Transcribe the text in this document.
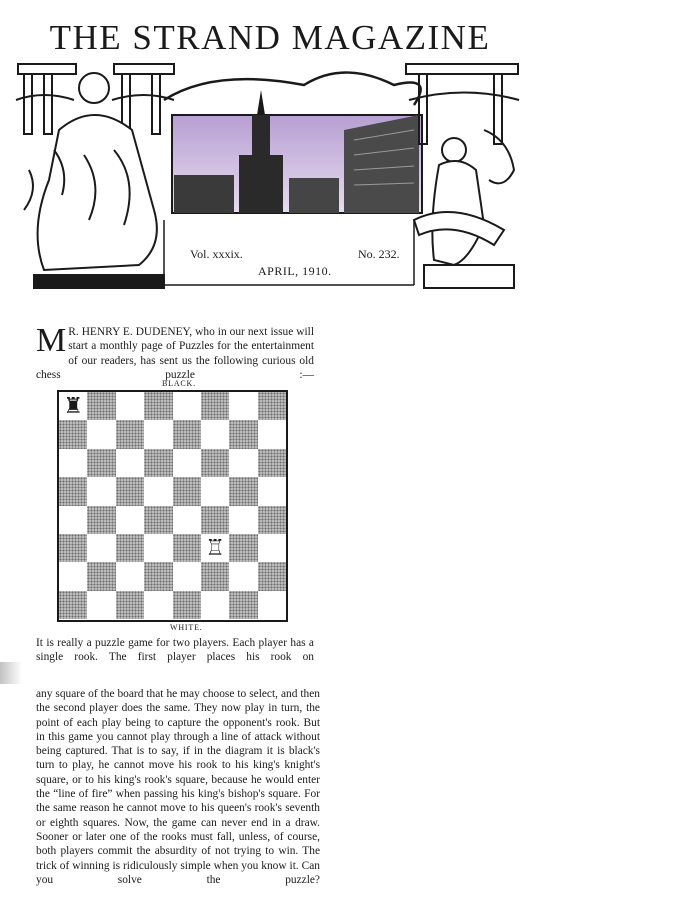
THE STRAND MAGAZINE
Vol. xxxix.	No. 232.
APRIL, 1910.
M R. HENRY E. DUDENEY, who in our next issue will start a monthly page of Puzzles for the entertainment of our readers, has sent us the following curious old chess puzzle :—
BLACK.
♜
♖
WHITE.
It is really a puzzle game for two players. Each player has a single rook. The first player places his rook on
any square of the board that he may choose to select, and then the second player does the same. They now play in turn, the point of each play being to capture the opponent's rook. But in this game you cannot play through a line of attack without being captured. That is to say, if in the diagram it is black's turn to play, he cannot move his rook to his king's knight's square, or to his king's rook's square, because he would enter the “line of fire” when passing his king's bishop's square. For the same reason he cannot move to his queen's rook's seventh or eighth squares. Now, the game can never end in a draw. Sooner or later one of the rooks must fall, unless, of course, both players commit the absurdity of not trying to win. The trick of winning is ridiculously simple when you know it. Can you solve the puzzle?
